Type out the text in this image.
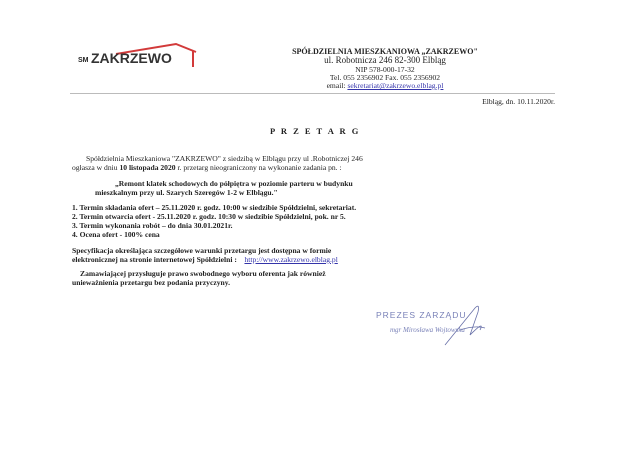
SM ZAKRZEWO	SPÓŁDZIELNIA MIESZKANIOWA „ZAKRZEWO"
ul. Robotnicza 246 82-300 Elbląg
NIP 578-000-17-32
Tel. 055 2356902 Fax. 055 2356902
email: sekretariat@zakrzewo.elblag.pl
Elbląg, dn. 10.11.2020r.
P R Z E T A R G
Spółdzielnia Mieszkaniowa "ZAKRZEWO" z siedzibą w Elblągu przy ul .Robotniczej 246
ogłasza w dniu 10 listopada 2020 r. przetarg nieograniczony na wykonanie zadania pn. :
„Remont klatek schodowych do półpiętra w poziomie parteru w budynku
mieszkalnym przy ul. Szarych Szeregów 1-2 w Elblągu."
1. Termin składania ofert – 25.11.2020 r. godz. 10:00 w siedzibie Spółdzielni, sekretariat.
2. Termin otwarcia ofert - 25.11.2020 r. godz. 10:30 w siedzibie Spółdzielni, pok. nr 5.
3. Termin wykonania robót – do dnia 30.01.2021r.
4. Ocena ofert - 100% cena
Specyfikacja określająca szczegółowe warunki przetargu jest dostępna w formie
elektronicznej na stronie internetowej Spółdzielni : http://www.zakrzewo.elblag.pl
Zamawiającej przysługuje prawo swobodnego wyboru oferenta jak również
unieważnienia przetargu bez podania przyczyny.
PREZES ZARZĄDU
mgr Mirosława Wojtowska
